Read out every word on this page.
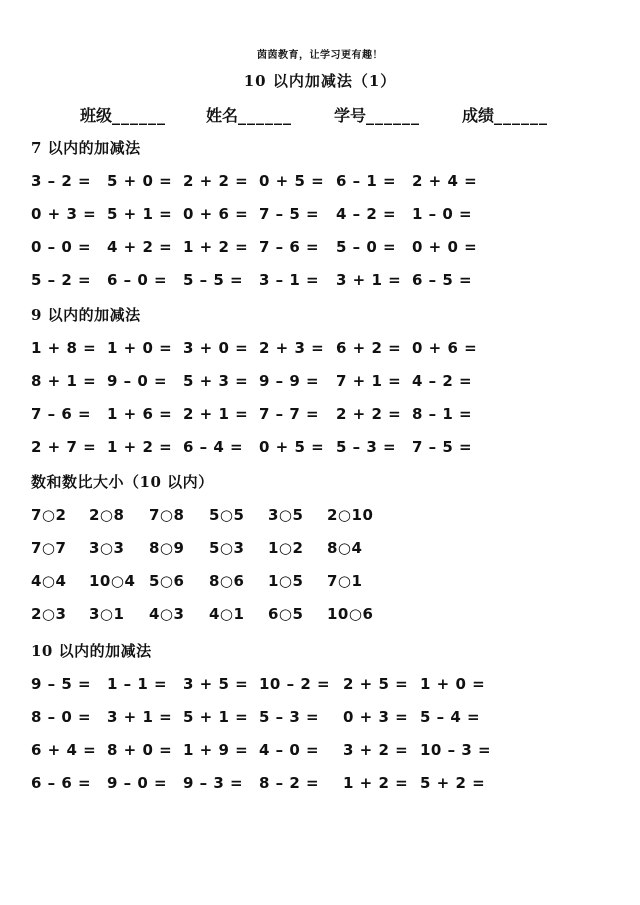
茵茵教育，让学习更有趣！
10 以内加减法（1）
班级______ 姓名______	学号______	成绩______
7 以内的加减法
3 – 2 = 5 + 0 = 2 + 2 = 0 + 5 = 6 – 1 = 2 + 4 =
0 + 3 = 5 + 1 = 0 + 6 = 7 – 5 = 4 – 2 = 1 – 0 =
0 – 0 = 4 + 2 = 1 + 2 = 7 – 6 = 5 – 0 = 0 + 0 =
5 – 2 = 6 – 0 = 5 – 5 = 3 – 1 = 3 + 1 = 6 – 5 =
9 以内的加减法
1 + 8 = 1 + 0 = 3 + 0 = 2 + 3 = 6 + 2 = 0 + 6 =
8 + 1 = 9 – 0 = 5 + 3 = 9 – 9 = 7 + 1 = 4 – 2 =
7 – 6 = 1 + 6 = 2 + 1 = 7 – 7 = 2 + 2 = 8 – 1 =
2 + 7 = 1 + 2 = 6 – 4 = 0 + 5 = 5 – 3 = 7 – 5 =
数和数比大小（10 以内）
7○2 2○8 7○8 5○5 3○5 2○10
7○7 3○3 8○9 5○3 1○2 8○4
4○4 10○4 5○6 8○6 1○5 7○1
2○3 3○1 4○3 4○1 6○5 10○6
10 以内的加减法
9 – 5 = 1 – 1 = 3 + 5 = 10 – 2 = 2 + 5 = 1 + 0 =
8 – 0 = 3 + 1 = 5 + 1 = 5 – 3 = 0 + 3 = 5 – 4 =
6 + 4 = 8 + 0 = 1 + 9 = 4 – 0 = 3 + 2 = 10 – 3 =
6 – 6 = 9 – 0 = 9 – 3 = 8 – 2 = 1 + 2 = 5 + 2 =
